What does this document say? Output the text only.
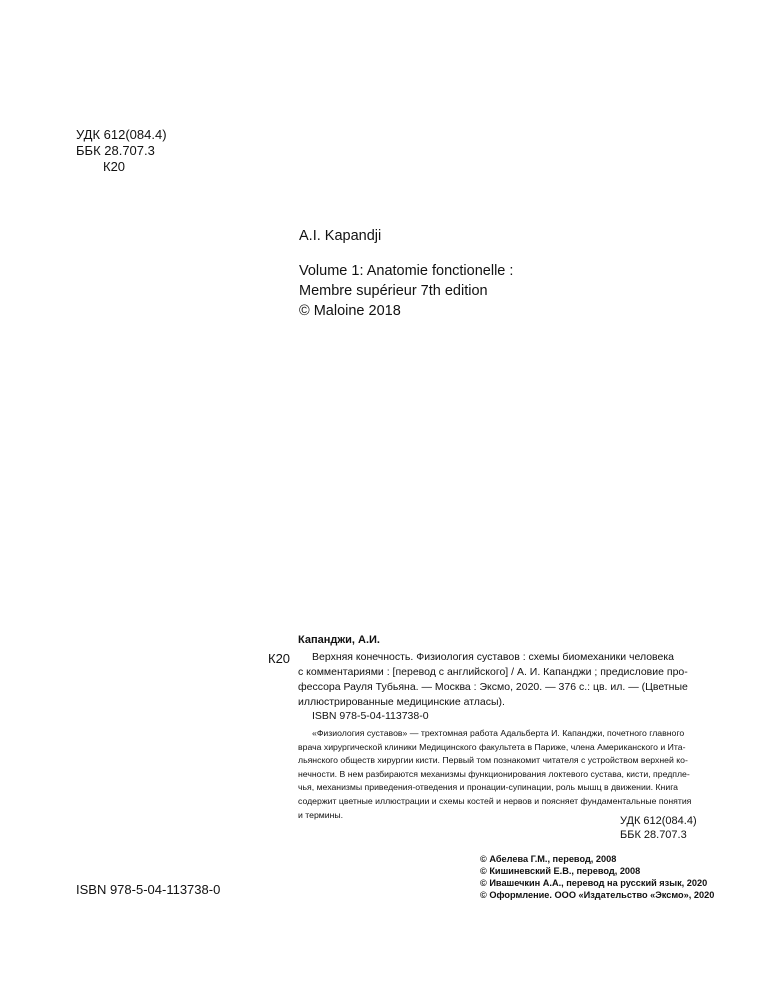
УДК 612(084.4)
ББК 28.707.3
К20
A.I. Kapandji
Volume 1: Anatomie fonctionelle :
Membre supérieur 7th edition
© Maloine 2018
Капанджи, А.И.
К20	Верхняя конечность. Физиология суставов : схемы биомеханики человека
с комментариями : [перевод с английского] / А. И. Капанджи ; предисловие про-
фессора Рауля Тубьяна. — Москва : Эксмо, 2020. — 376 с.: цв. ил. — (Цветные
иллюстрированные медицинские атласы).
ISBN 978-5-04-113738-0
«Физиология суставов» — трехтомная работа Адальберта И. Капанджи, почетного главного
врача хирургической клиники Медицинского факультета в Париже, члена Американского и Ита-
льянского обществ хирургии кисти. Первый том познакомит читателя с устройством верхней ко-
нечности. В нем разбираются механизмы функционирования локтевого сустава, кисти, предпле-
чья, механизмы приведения-отведения и пронации-супинации, роль мышц в движении. Книга
содержит цветные иллюстрации и схемы костей и нервов и поясняет фундаментальные понятия
и термины.
УДК 612(084.4)
ББК 28.707.3
© Абелева Г.М., перевод, 2008
© Кишиневский Е.В., перевод, 2008
© Ивашечкин А.А., перевод на русский язык, 2020
© Оформление. ООО «Издательство «Эксмо», 2020
ISBN 978-5-04-113738-0
